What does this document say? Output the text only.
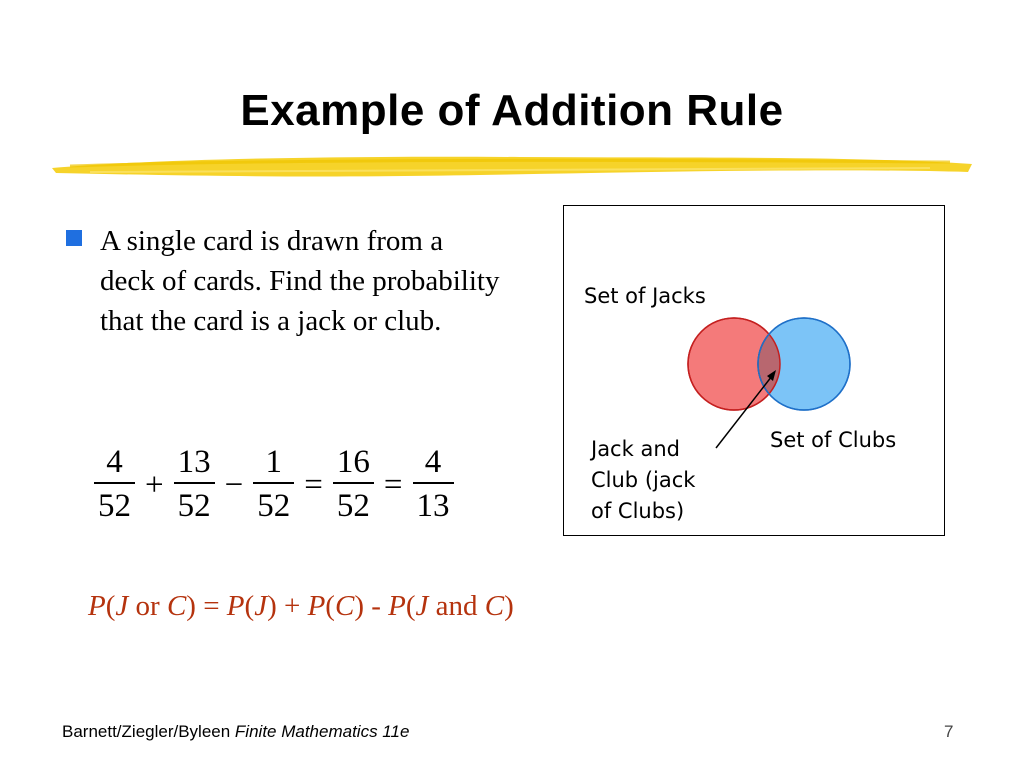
Example of Addition Rule
A single card is drawn from a deck of cards. Find the probability that the card is a jack or club.
$\frac{4}{52} + \frac{13}{52} - \frac{1}{52} = \frac{16}{52} = \frac{4}{13}$
P(J or C) = P(J) + P(C) - P(J and C)
Set of Jacks
Set of Clubs
Jack and
Club (jack
of Clubs)
Barnett/Ziegler/Byleen Finite Mathematics 11e	7
